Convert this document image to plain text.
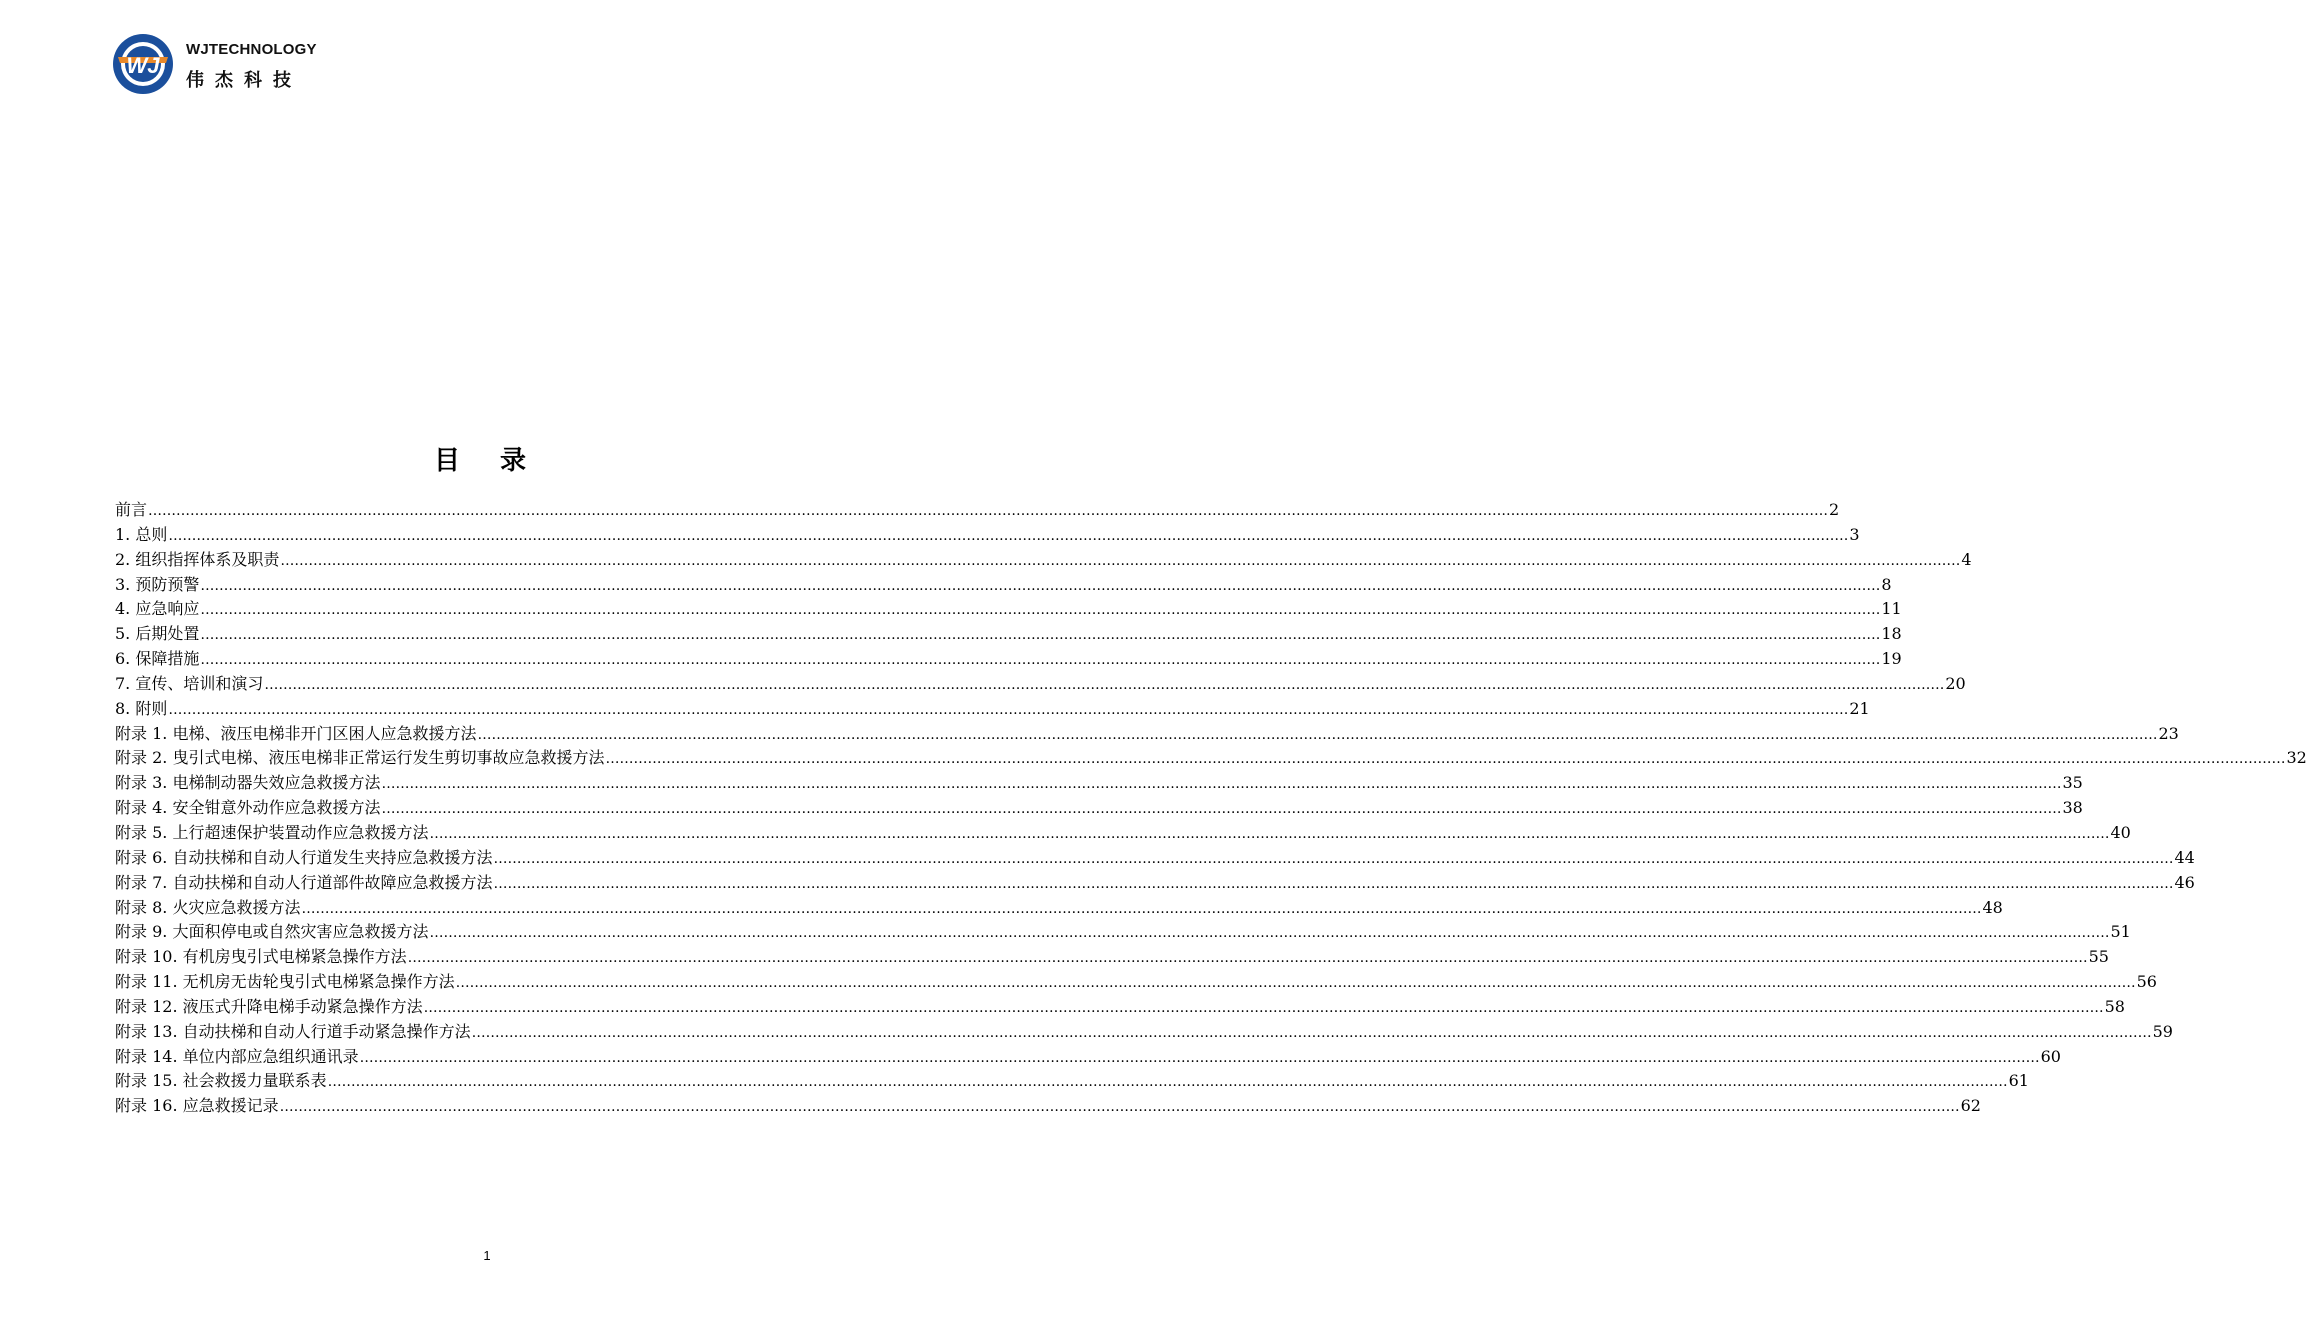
WJ
WJTECHNOLOGY
伟杰科技
目录
前言 ……………………………………………………………………………………………………………………………………………………………………………………………………………………………………………………………………………………………………………………………… 2
1. 总则 ……………………………………………………………………………………………………………………………………………………………………………………………………………………………………………………………………………………………………………………………… 3
2. 组织指挥体系及职责 ……………………………………………………………………………………………………………………………………………………………………………………………………………………………………………………………………………………………………………………………… 4
3. 预防预警 ……………………………………………………………………………………………………………………………………………………………………………………………………………………………………………………………………………………………………………………………… 8
4. 应急响应 ……………………………………………………………………………………………………………………………………………………………………………………………………………………………………………………………………………………………………………………………… 11
5. 后期处置 ……………………………………………………………………………………………………………………………………………………………………………………………………………………………………………………………………………………………………………………………… 18
6. 保障措施 ……………………………………………………………………………………………………………………………………………………………………………………………………………………………………………………………………………………………………………………………… 19
7. 宣传、培训和演习 ……………………………………………………………………………………………………………………………………………………………………………………………………………………………………………………………………………………………………………………………… 20
8. 附则 ……………………………………………………………………………………………………………………………………………………………………………………………………………………………………………………………………………………………………………………………… 21
附录 1. 电梯、液压电梯非开门区困人应急救援方法 ……………………………………………………………………………………………………………………………………………………………………………………………………………………………………………………………………………………………………………………………… 23
附录 2. 曳引式电梯、液压电梯非正常运行发生剪切事故应急救援方法 ……………………………………………………………………………………………………………………………………………………………………………………………………………………………………………………………………………………………………………………………… 32
附录 3. 电梯制动器失效应急救援方法 ……………………………………………………………………………………………………………………………………………………………………………………………………………………………………………………………………………………………………………………………… 35
附录 4. 安全钳意外动作应急救援方法 ……………………………………………………………………………………………………………………………………………………………………………………………………………………………………………………………………………………………………………………………… 38
附录 5. 上行超速保护装置动作应急救援方法 ……………………………………………………………………………………………………………………………………………………………………………………………………………………………………………………………………………………………………………………………… 40
附录 6. 自动扶梯和自动人行道发生夹持应急救援方法 ……………………………………………………………………………………………………………………………………………………………………………………………………………………………………………………………………………………………………………………………… 44
附录 7. 自动扶梯和自动人行道部件故障应急救援方法 ……………………………………………………………………………………………………………………………………………………………………………………………………………………………………………………………………………………………………………………………… 46
附录 8. 火灾应急救援方法 ……………………………………………………………………………………………………………………………………………………………………………………………………………………………………………………………………………………………………………………………… 48
附录 9. 大面积停电或自然灾害应急救援方法 ……………………………………………………………………………………………………………………………………………………………………………………………………………………………………………………………………………………………………………………………… 51
附录 10. 有机房曳引式电梯紧急操作方法 ……………………………………………………………………………………………………………………………………………………………………………………………………………………………………………………………………………………………………………………………… 55
附录 11. 无机房无齿轮曳引式电梯紧急操作方法 ……………………………………………………………………………………………………………………………………………………………………………………………………………………………………………………………………………………………………………………………… 56
附录 12. 液压式升降电梯手动紧急操作方法 ……………………………………………………………………………………………………………………………………………………………………………………………………………………………………………………………………………………………………………………………… 58
附录 13. 自动扶梯和自动人行道手动紧急操作方法 ……………………………………………………………………………………………………………………………………………………………………………………………………………………………………………………………………………………………………………………………… 59
附录 14. 单位内部应急组织通讯录 ……………………………………………………………………………………………………………………………………………………………………………………………………………………………………………………………………………………………………………………………… 60
附录 15. 社会救援力量联系表 ……………………………………………………………………………………………………………………………………………………………………………………………………………………………………………………………………………………………………………………………… 61
附录 16. 应急救援记录 ……………………………………………………………………………………………………………………………………………………………………………………………………………………………………………………………………………………………………………………………… 62
1
